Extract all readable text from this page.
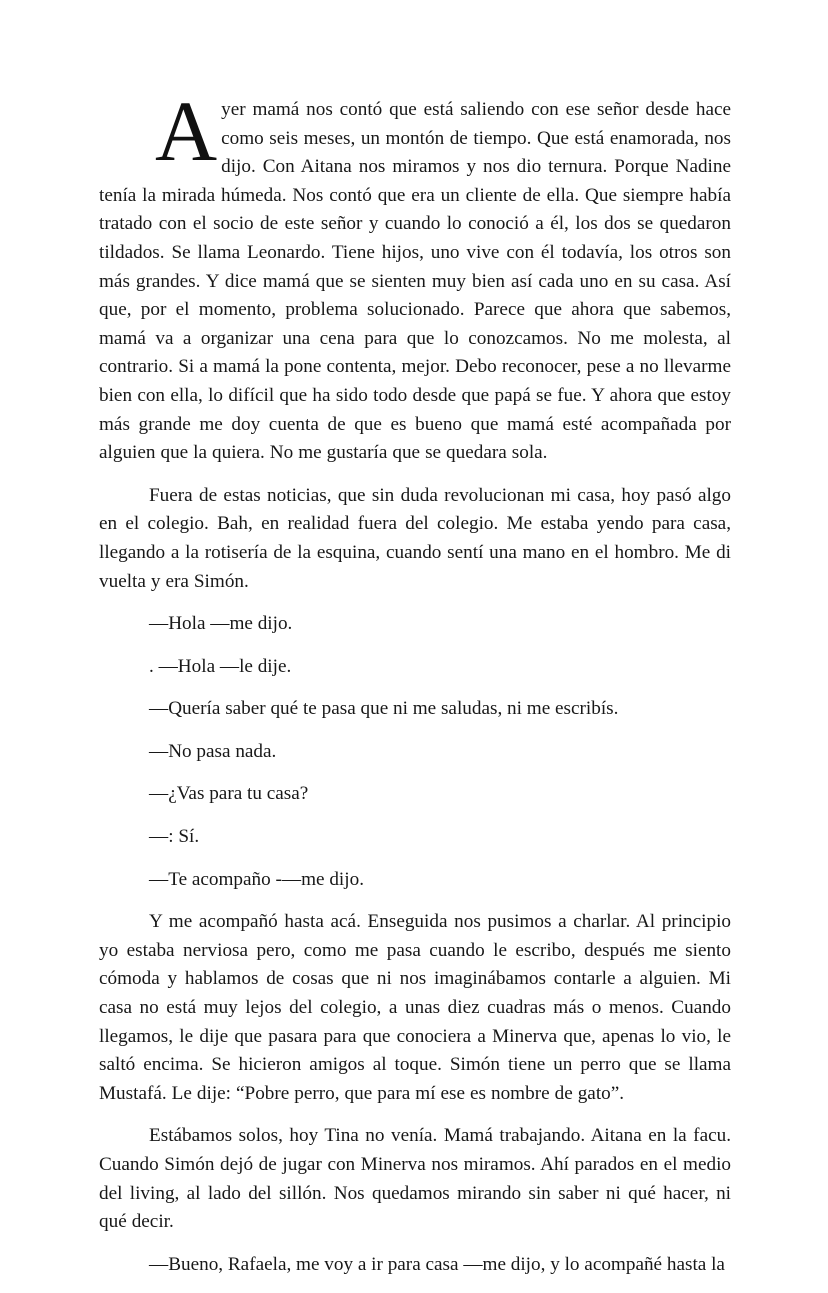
Ayer mamá nos contó que está saliendo con ese señor desde hace como seis meses, un montón de tiempo. Que está enamorada, nos dijo. Con Aitana nos miramos y nos dio ternura. Porque Nadine tenía la mirada húmeda. Nos contó que era un cliente de ella. Que siempre había tratado con el socio de este señor y cuando lo conoció a él, los dos se quedaron tildados. Se llama Leonardo. Tiene hijos, uno vive con él todavía, los otros son más grandes. Y dice mamá que se sienten muy bien así cada uno en su casa. Así que, por el momento, problema solucionado. Parece que ahora que sabemos, mamá va a organizar una cena para que lo conozcamos. No me molesta, al contrario. Si a mamá la pone contenta, mejor. Debo reconocer, pese a no llevarme bien con ella, lo difícil que ha sido todo desde que papá se fue. Y ahora que estoy más grande me doy cuenta de que es bueno que mamá esté acompañada por alguien que la quiera. No me gustaría que se quedara sola.

Fuera de estas noticias, que sin duda revolucionan mi casa, hoy pasó algo en el colegio. Bah, en realidad fuera del colegio. Me estaba yendo para casa, llegando a la rotisería de la esquina, cuando sentí una mano en el hombro. Me di vuelta y era Simón.

—Hola —me dijo.

. —Hola —le dije.

—Quería saber qué te pasa que ni me saludas, ni me escribís.

—No pasa nada.

—¿Vas para tu casa?

—: Sí.

—Te acompaño -—me dijo.

Y me acompañó hasta acá. Enseguida nos pusimos a charlar. Al principio yo estaba nerviosa pero, como me pasa cuando le escribo, después me siento cómoda y hablamos de cosas que ni nos imaginábamos contarle a alguien. Mi casa no está muy lejos del colegio, a unas diez cuadras más o menos. Cuando llegamos, le dije que pasara para que conociera a Minerva que, apenas lo vio, le saltó encima. Se hicieron amigos al toque. Simón tiene un perro que se llama Mustafá. Le dije: “Pobre perro, que para mí ese es nombre de gato”.

Estábamos solos, hoy Tina no venía. Mamá trabajando. Aitana en la facu. Cuando Simón dejó de jugar con Minerva nos miramos. Ahí parados en el medio del living, al lado del sillón. Nos quedamos mirando sin saber ni qué hacer, ni qué decir.

—Bueno, Rafaela, me voy a ir para casa —me dijo, y lo acompañé hasta la
